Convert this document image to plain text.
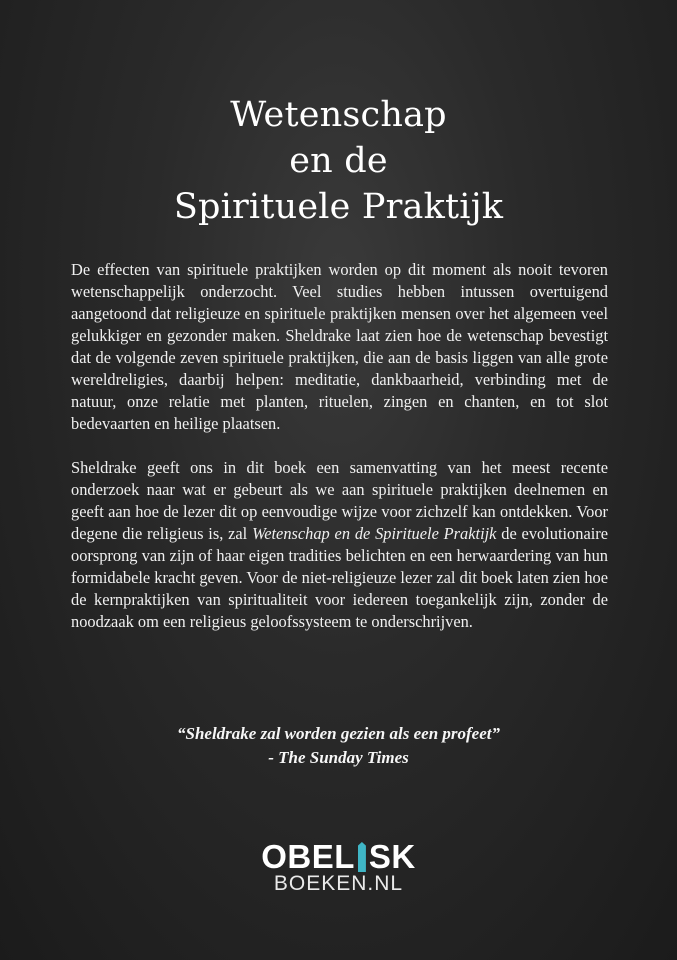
Wetenschap
en de
Spirituele Praktijk

De effecten van spirituele praktijken worden op dit moment als nooit tevoren wetenschappelijk onderzocht. Veel studies hebben intussen overtuigend aangetoond dat religieuze en spirituele praktijken mensen over het algemeen veel gelukkiger en gezonder maken. Sheldrake laat zien hoe de wetenschap bevestigt dat de volgende zeven spirituele praktijken, die aan de basis liggen van alle grote wereldreligies, daarbij helpen: meditatie, dankbaarheid, verbinding met de natuur, onze relatie met planten, rituelen, zingen en chanten, en tot slot bedevaarten en heilige plaatsen.

Sheldrake geeft ons in dit boek een samenvatting van het meest recente onderzoek naar wat er gebeurt als we aan spirituele praktijken deelnemen en geeft aan hoe de lezer dit op eenvoudige wijze voor zichzelf kan ontdekken. Voor degene die religieus is, zal Wetenschap en de Spirituele Praktijk de evolutionaire oorsprong van zijn of haar eigen tradities belichten en een herwaardering van hun formidabele kracht geven. Voor de niet-religieuze lezer zal dit boek laten zien hoe de kernpraktijken van spiritualiteit voor iedereen toegankelijk zijn, zonder de noodzaak om een religieus geloofssysteem te onderschrijven.

“Sheldrake zal worden gezien als een profeet”
- The Sunday Times
OBEL SK
BOEKEN.NL
